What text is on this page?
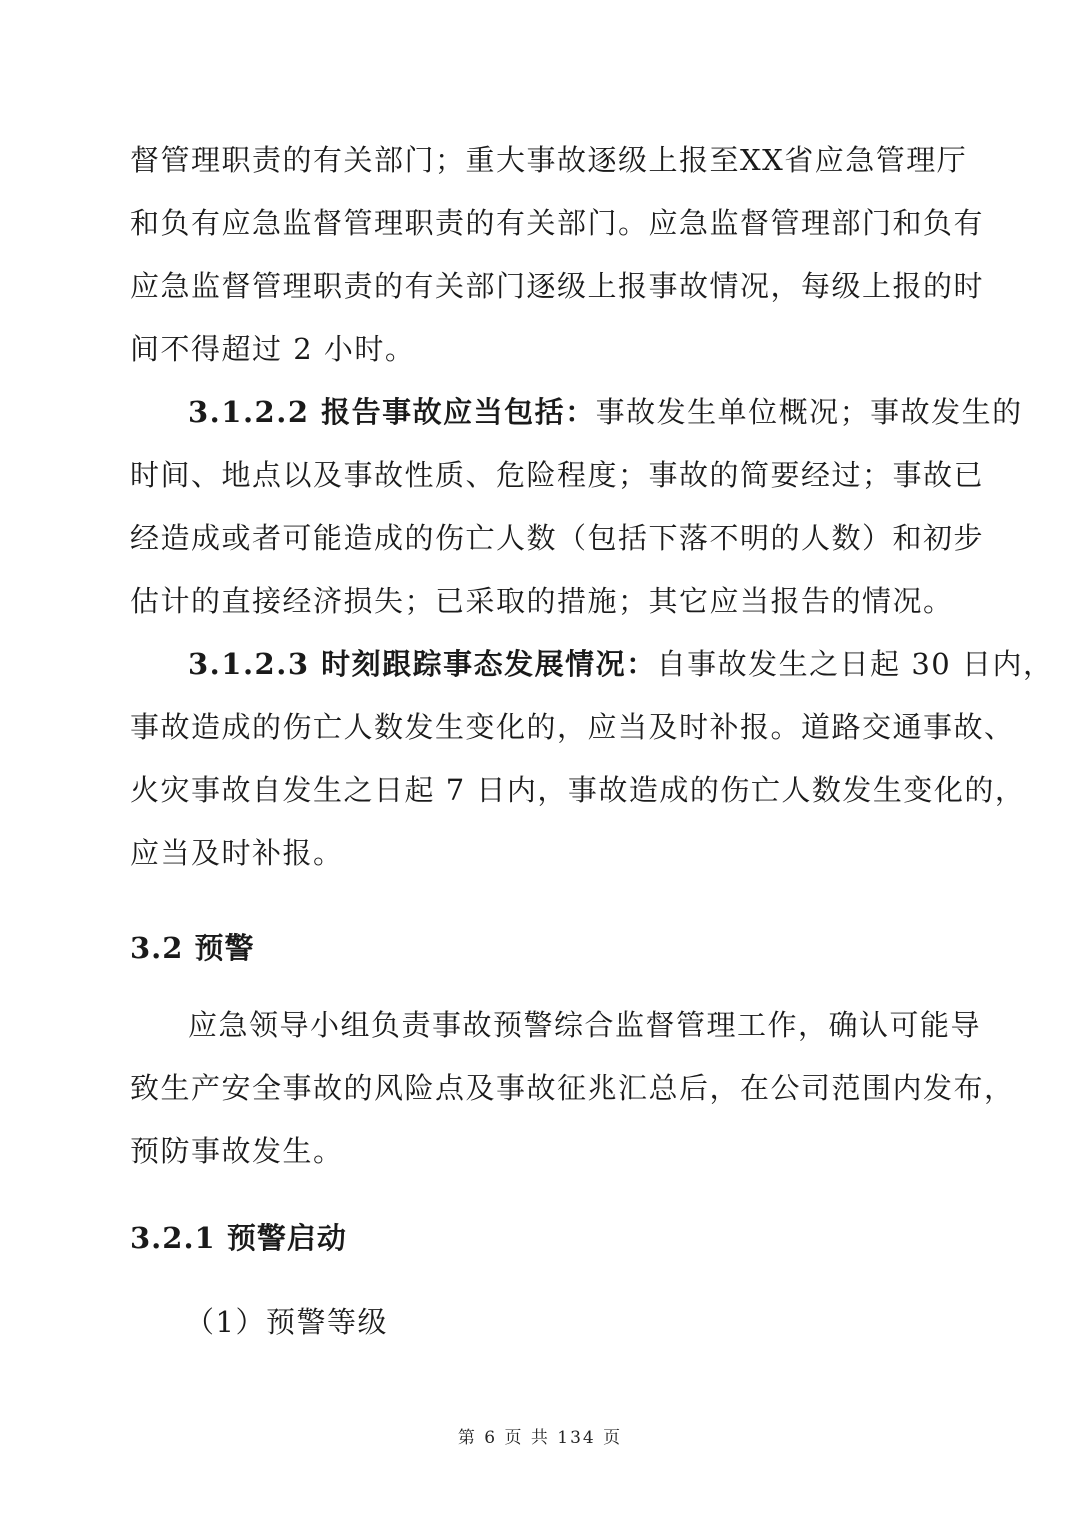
督管理职责的有关部门；重大事故逐级上报至XX省应急管理厅
和负有应急监督管理职责的有关部门。应急监督管理部门和负有
应急监督管理职责的有关部门逐级上报事故情况，每级上报的时
间不得超过 2 小时。
3.1.2.2 报告事故应当包括：事故发生单位概况；事故发生的
时间、地点以及事故性质、危险程度；事故的简要经过；事故已
经造成或者可能造成的伤亡人数（包括下落不明的人数）和初步
估计的直接经济损失；已采取的措施；其它应当报告的情况。
3.1.2.3 时刻跟踪事态发展情况：自事故发生之日起 30 日内，
事故造成的伤亡人数发生变化的，应当及时补报。道路交通事故、
火灾事故自发生之日起 7 日内，事故造成的伤亡人数发生变化的，
应当及时补报。
3.2 预警
应急领导小组负责事故预警综合监督管理工作，确认可能导
致生产安全事故的风险点及事故征兆汇总后，在公司范围内发布，
预防事故发生。
3.2.1 预警启动
（1）预警等级
第 6 页 共 134 页
